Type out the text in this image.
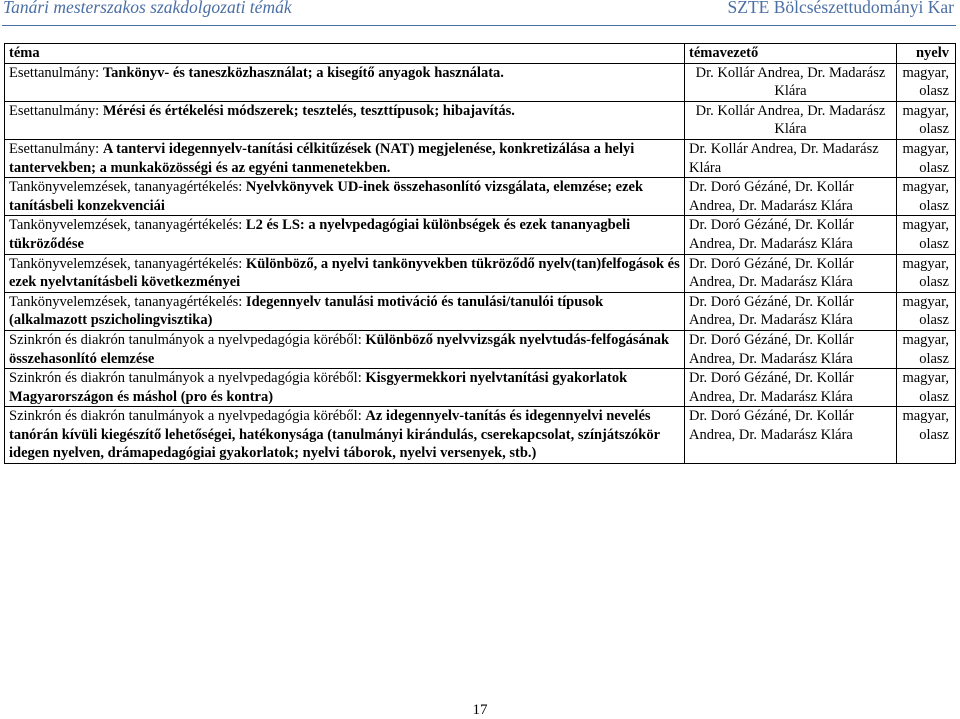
Tanári mesterszakos szakdolgozati témák	SZTE Bölcsészettudományi Kar
téma	témavezető	nyelv
Esettanulmány: Tankönyv- és taneszközhasználat; a kisegítő anyagok használata.	Dr. Kollár Andrea, Dr. Madarász Klára	magyar, olasz
Esettanulmány: Mérési és értékelési módszerek; tesztelés, teszttípusok; hibajavítás.	Dr. Kollár Andrea, Dr. Madarász Klára	magyar, olasz
Esettanulmány: A tantervi idegennyelv-tanítási célkitűzések (NAT) megjelenése, konkretizálása a helyi tantervekben; a munkaközösségi és az egyéni tanmenetekben.	Dr. Kollár Andrea, Dr. Madarász Klára	magyar, olasz
Tankönyvelemzések, tananyagértékelés: Nyelvkönyvek UD-inek összehasonlító vizsgálata, elemzése; ezek tanításbeli konzekvenciái	Dr. Doró Gézáné, Dr. Kollár Andrea, Dr. Madarász Klára	magyar, olasz
Tankönyvelemzések, tananyagértékelés: L2 és LS: a nyelvpedagógiai különbségek és ezek tananyagbeli tükröződése	Dr. Doró Gézáné, Dr. Kollár Andrea, Dr. Madarász Klára	magyar, olasz
Tankönyvelemzések, tananyagértékelés: Különböző, a nyelvi tankönyvekben tükröződő nyelv(tan)felfogások és ezek nyelvtanításbeli következményei	Dr. Doró Gézáné, Dr. Kollár Andrea, Dr. Madarász Klára	magyar, olasz
Tankönyvelemzések, tananyagértékelés: Idegennyelv tanulási motiváció és tanulási/tanulói típusok (alkalmazott pszicholingvisztika)	Dr. Doró Gézáné, Dr. Kollár Andrea, Dr. Madarász Klára	magyar, olasz
Szinkrón és diakrón tanulmányok a nyelvpedagógia köréből: Különböző nyelvvizsgák nyelvtudás-felfogásának összehasonlító elemzése	Dr. Doró Gézáné, Dr. Kollár Andrea, Dr. Madarász Klára	magyar, olasz
Szinkrón és diakrón tanulmányok a nyelvpedagógia köréből: Kisgyermekkori nyelvtanítási gyakorlatok Magyarországon és máshol (pro és kontra)	Dr. Doró Gézáné, Dr. Kollár Andrea, Dr. Madarász Klára	magyar, olasz
Szinkrón és diakrón tanulmányok a nyelvpedagógia köréből: Az idegennyelv-tanítás és idegennyelvi nevelés tanórán kívüli kiegészítő lehetőségei, hatékonysága (tanulmányi kirándulás, cserekapcsolat, színjátszókör idegen nyelven, drámapedagógiai gyakorlatok; nyelvi táborok, nyelvi versenyek, stb.)	Dr. Doró Gézáné, Dr. Kollár Andrea, Dr. Madarász Klára	magyar, olasz
17
